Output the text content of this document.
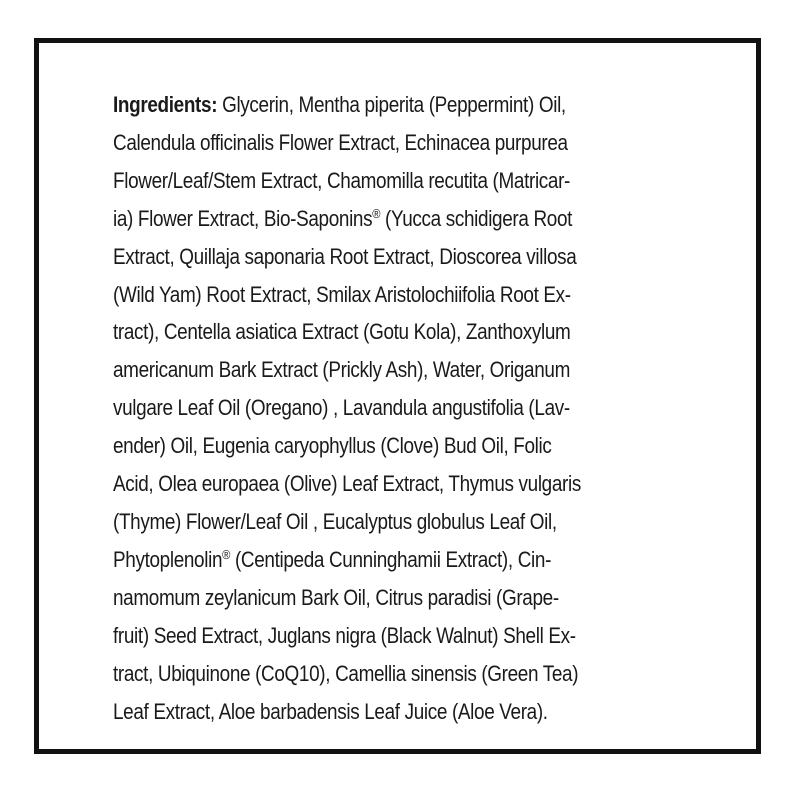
Ingredients: Glycerin, Mentha piperita (Peppermint) Oil,
Calendula officinalis Flower Extract, Echinacea purpurea
Flower/Leaf/Stem Extract, Chamomilla recutita (Matricar-
ia) Flower Extract, Bio-Saponins® (Yucca schidigera Root
Extract, Quillaja saponaria Root Extract, Dioscorea villosa
(Wild Yam) Root Extract, Smilax Aristolochiifolia Root Ex-
tract), Centella asiatica Extract (Gotu Kola), Zanthoxylum
americanum Bark Extract (Prickly Ash), Water, Origanum
vulgare Leaf Oil (Oregano) , Lavandula angustifolia (Lav-
ender) Oil, Eugenia caryophyllus (Clove) Bud Oil, Folic
Acid, Olea europaea (Olive) Leaf Extract, Thymus vulgaris
(Thyme) Flower/Leaf Oil , Eucalyptus globulus Leaf Oil,
Phytoplenolin® (Centipeda Cunninghamii Extract), Cin-
namomum zeylanicum Bark Oil, Citrus paradisi (Grape-
fruit) Seed Extract, Juglans nigra (Black Walnut) Shell Ex-
tract, Ubiquinone (CoQ10), Camellia sinensis (Green Tea)
Leaf Extract, Aloe barbadensis Leaf Juice (Aloe Vera).
